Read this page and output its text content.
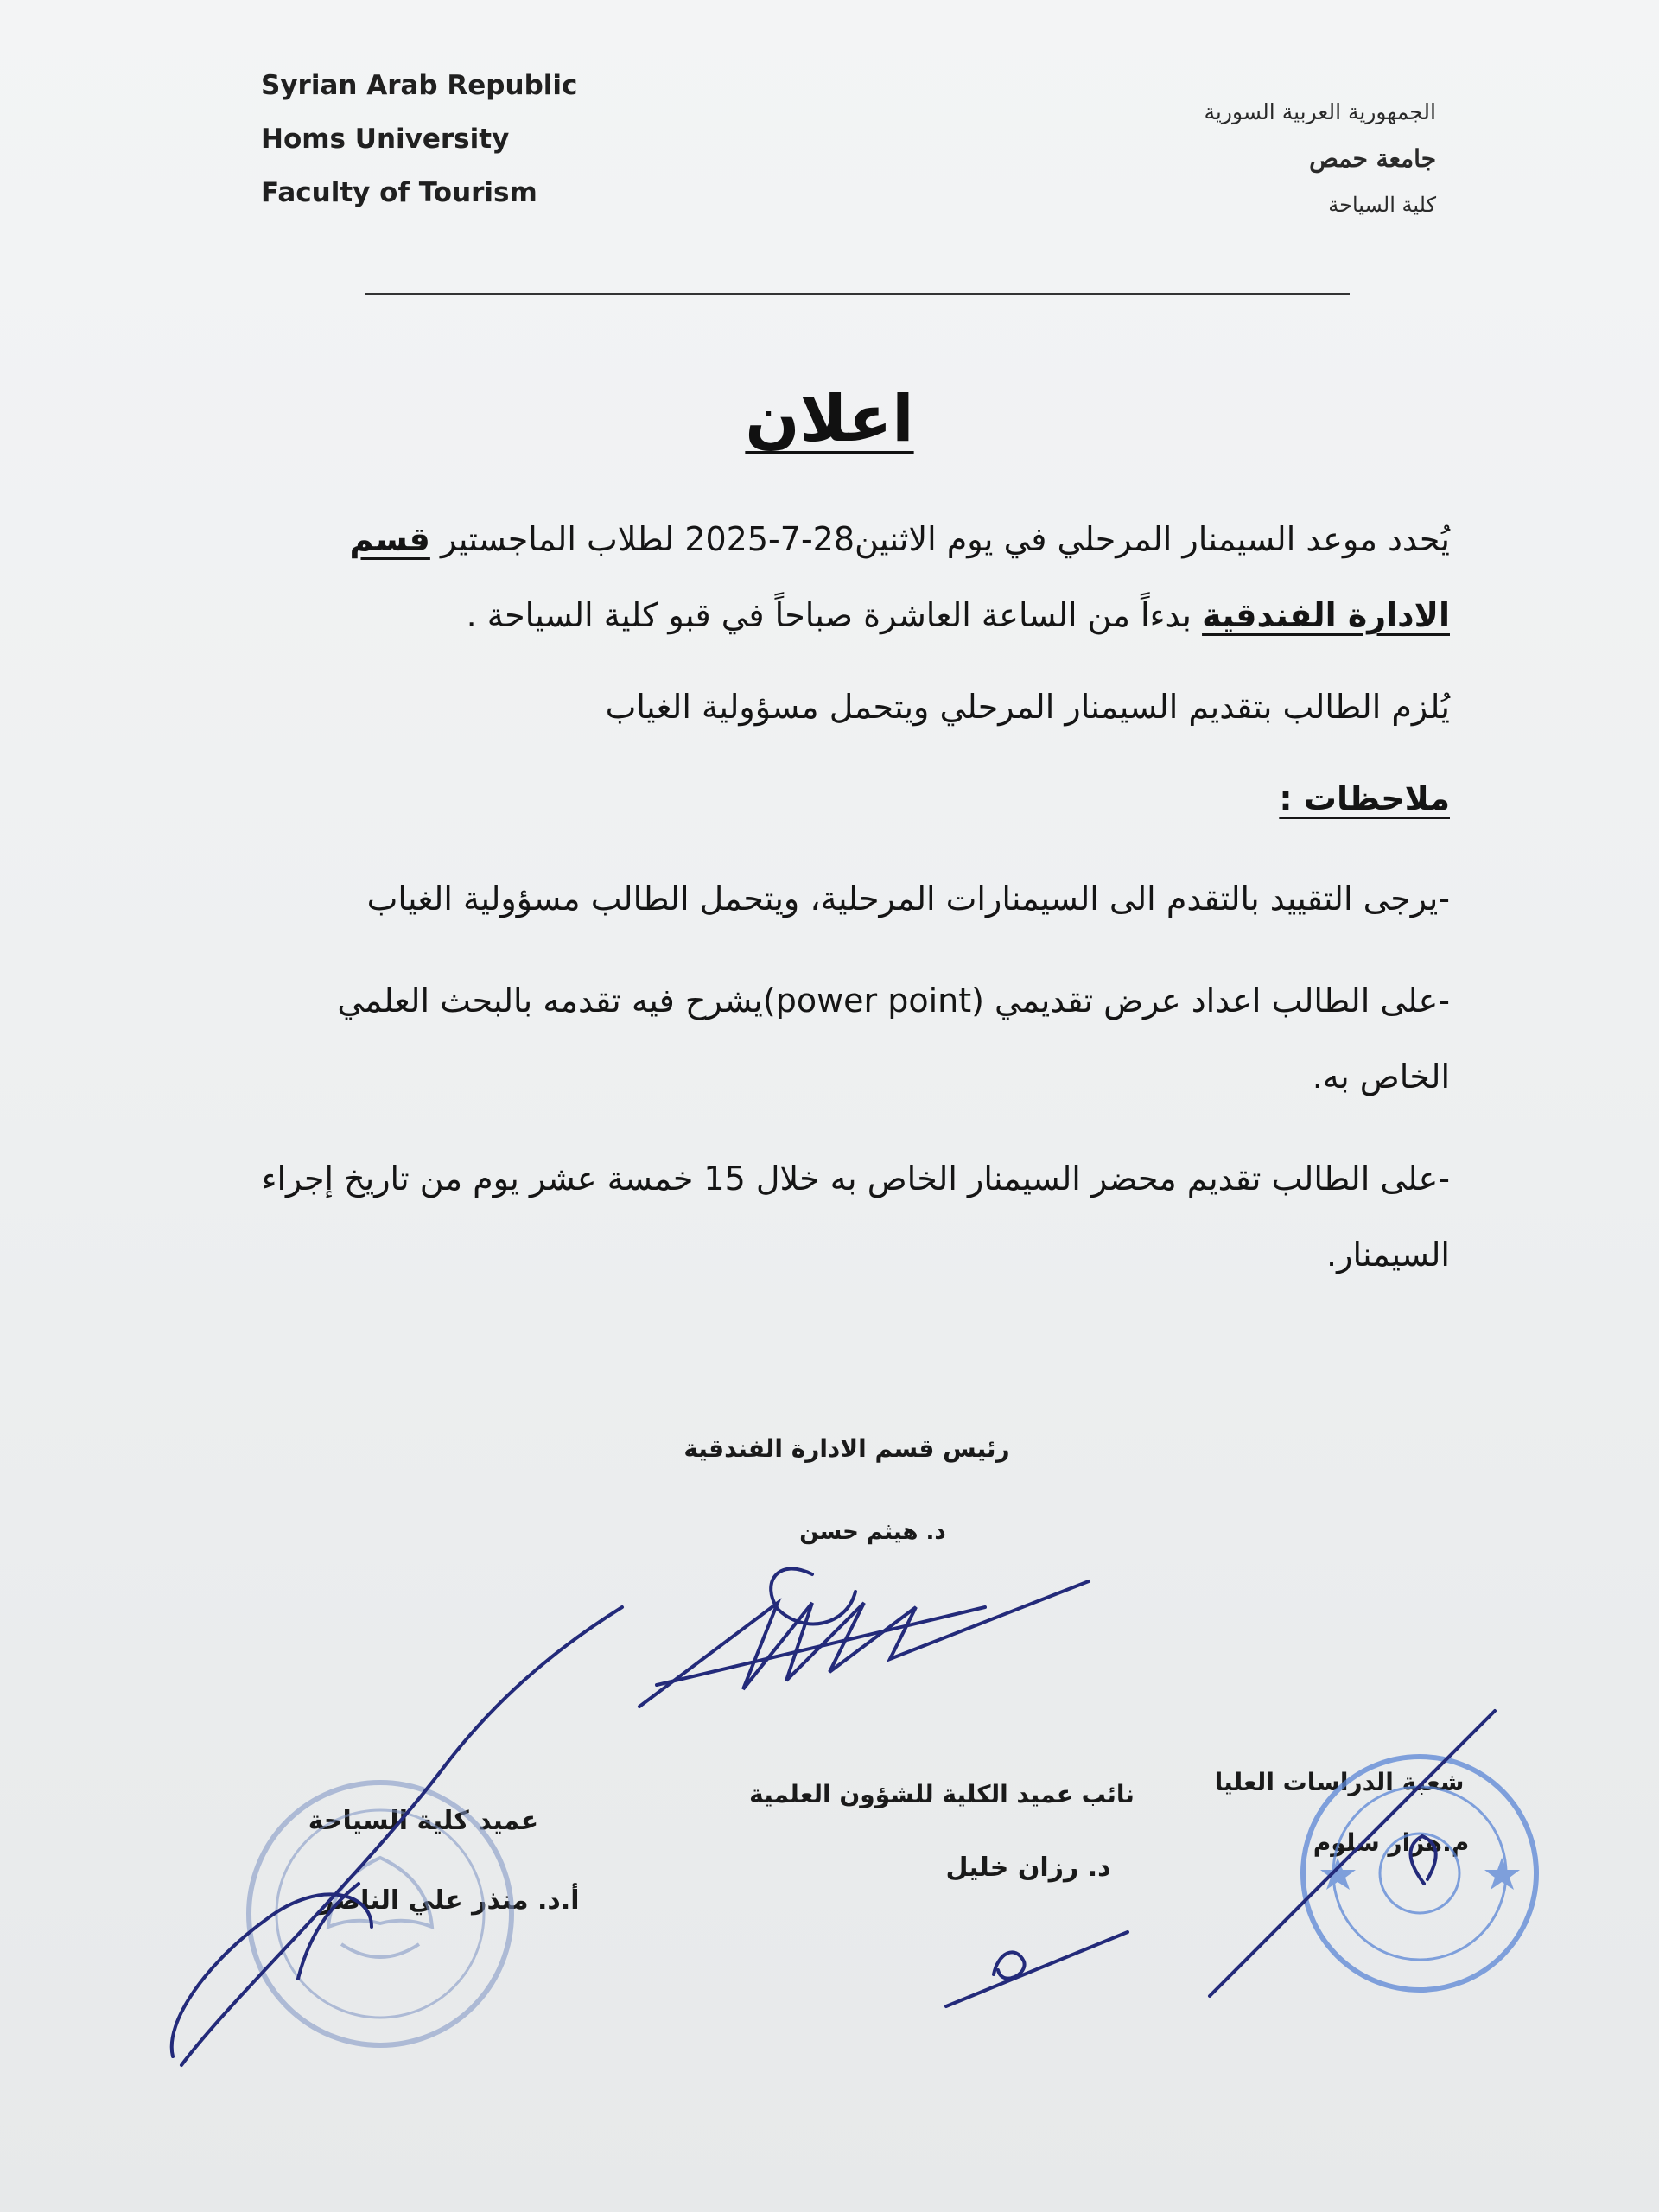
Syrian Arab Republic
Homs University
Faculty of Tourism
الجمهورية العربية السورية
جامعة حمص
كلية السياحة
اعلان

يُحدد موعد السيمنار المرحلي في يوم الاثنين28-7-2025 لطلاب الماجستير قسم الادارة الفندقية بدءاً من الساعة العاشرة صباحاً في قبو كلية السياحة .

يُلزم الطالب بتقديم السيمنار المرحلي ويتحمل مسؤولية الغياب

ملاحظات :

-يرجى التقييد بالتقدم الى السيمنارات المرحلية، ويتحمل الطالب مسؤولية الغياب

-على الطالب اعداد عرض تقديمي (power point)يشرح فيه تقدمه بالبحث العلمي الخاص به.

-على الطالب تقديم محضر السيمنار الخاص به خلال 15 خمسة عشر يوم من تاريخ إجراء السيمنار.

رئيس قسم الادارة الفندقية
د. هيثم حسن
شعبة الدراسات العليا
نائب عميد الكلية للشؤون العلمية
عميد كلية السياحة
م.هزار سلوم
د. رزان خليل
أ.د. منذر علي الناصر
